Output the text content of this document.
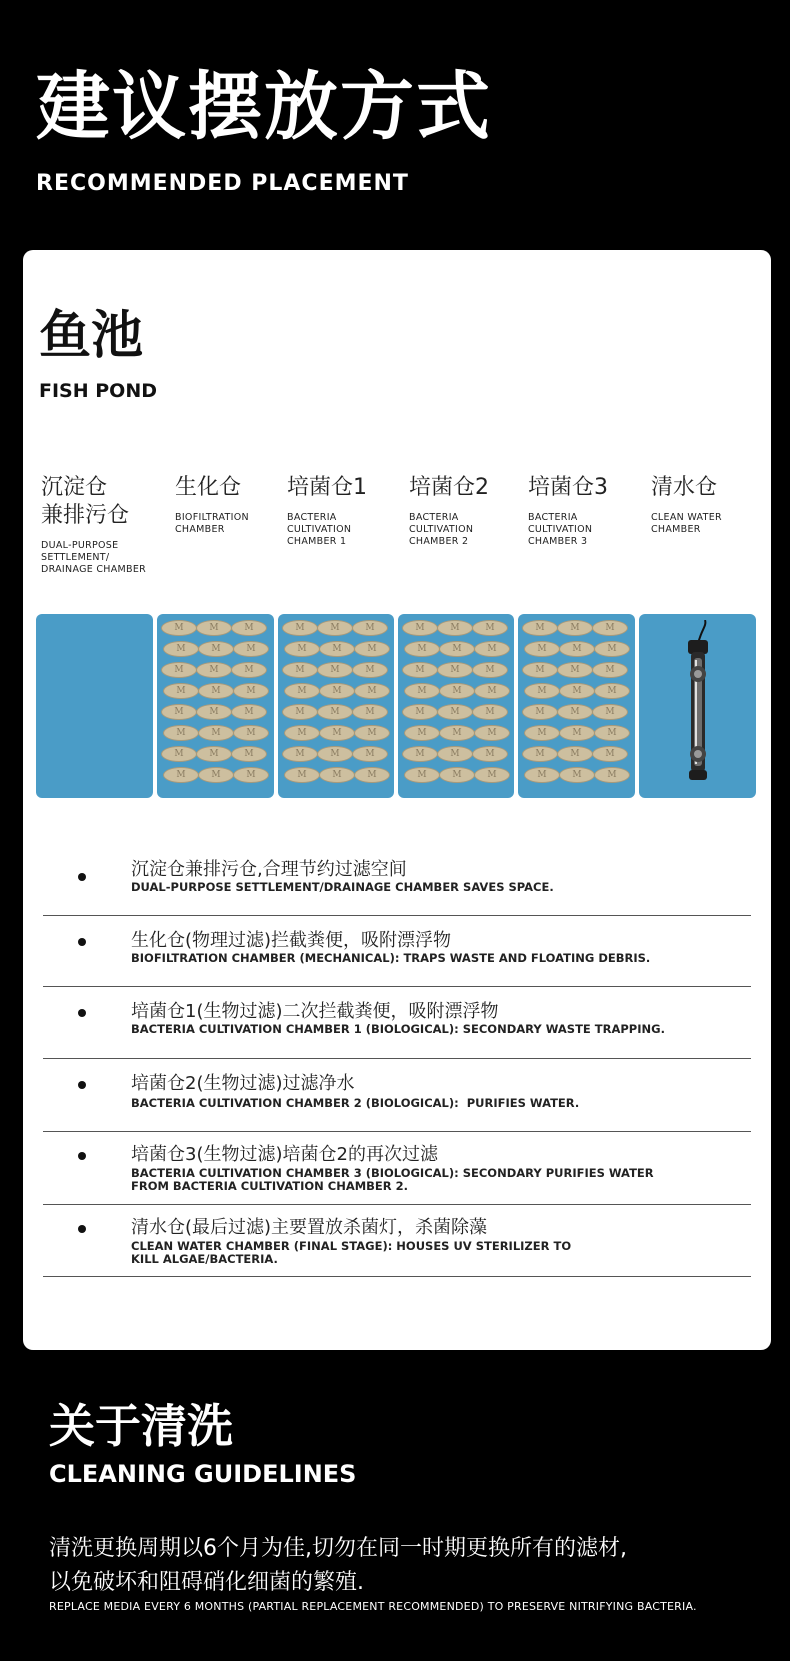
建议摆放方式
RECOMMENDED PLACEMENT
鱼池
FISH POND
沉淀仓
兼排污仓
DUAL-PURPOSE
SETTLEMENT/
DRAINAGE CHAMBER
生化仓
BIOFILTRATION
CHAMBER
培菌仓1
BACTERIA
CULTIVATION
CHAMBER 1
培菌仓2
BACTERIA
CULTIVATION
CHAMBER 2
培菌仓3
BACTERIA
CULTIVATION
CHAMBER 3
清水仓
CLEAN WATER
CHAMBER
M	M	M
M	M	M
M	M	M
M	M	M
M	M	M
M	M	M
M	M	M
M	M	M
M	M	M
M	M	M
M	M	M
M	M	M
M	M	M
M	M	M
M	M	M
M	M	M
M	M	M
M	M	M
M	M	M
M	M	M
M	M	M
M	M	M
M	M	M
M	M	M
M	M	M
M	M	M
M	M	M
M	M	M
M	M	M
M	M	M
M	M	M
M	M	M
沉淀仓兼排污仓,合理节约过滤空间
DUAL-PURPOSE SETTLEMENT/DRAINAGE CHAMBER SAVES SPACE.
生化仓(物理过滤)拦截粪便，吸附漂浮物
BIOFILTRATION CHAMBER (MECHANICAL): TRAPS WASTE AND FLOATING DEBRIS.
培菌仓1(生物过滤)二次拦截粪便，吸附漂浮物
BACTERIA CULTIVATION CHAMBER 1 (BIOLOGICAL): SECONDARY WASTE TRAPPING.
培菌仓2(生物过滤)过滤净水
BACTERIA CULTIVATION CHAMBER 2 (BIOLOGICAL):  PURIFIES WATER.
培菌仓3(生物过滤)培菌仓2的再次过滤
BACTERIA CULTIVATION CHAMBER 3 (BIOLOGICAL): SECONDARY PURIFIES WATER
FROM BACTERIA CULTIVATION CHAMBER 2.
清水仓(最后过滤)主要置放杀菌灯，杀菌除藻
CLEAN WATER CHAMBER (FINAL STAGE): HOUSES UV STERILIZER TO
KILL ALGAE/BACTERIA.
关于清洗
CLEANING GUIDELINES
清洗更换周期以6个月为佳,切勿在同一时期更换所有的滤材,
以免破坏和阻碍硝化细菌的繁殖.
REPLACE MEDIA EVERY 6 MONTHS (PARTIAL REPLACEMENT RECOMMENDED) TO PRESERVE NITRIFYING BACTERIA.
